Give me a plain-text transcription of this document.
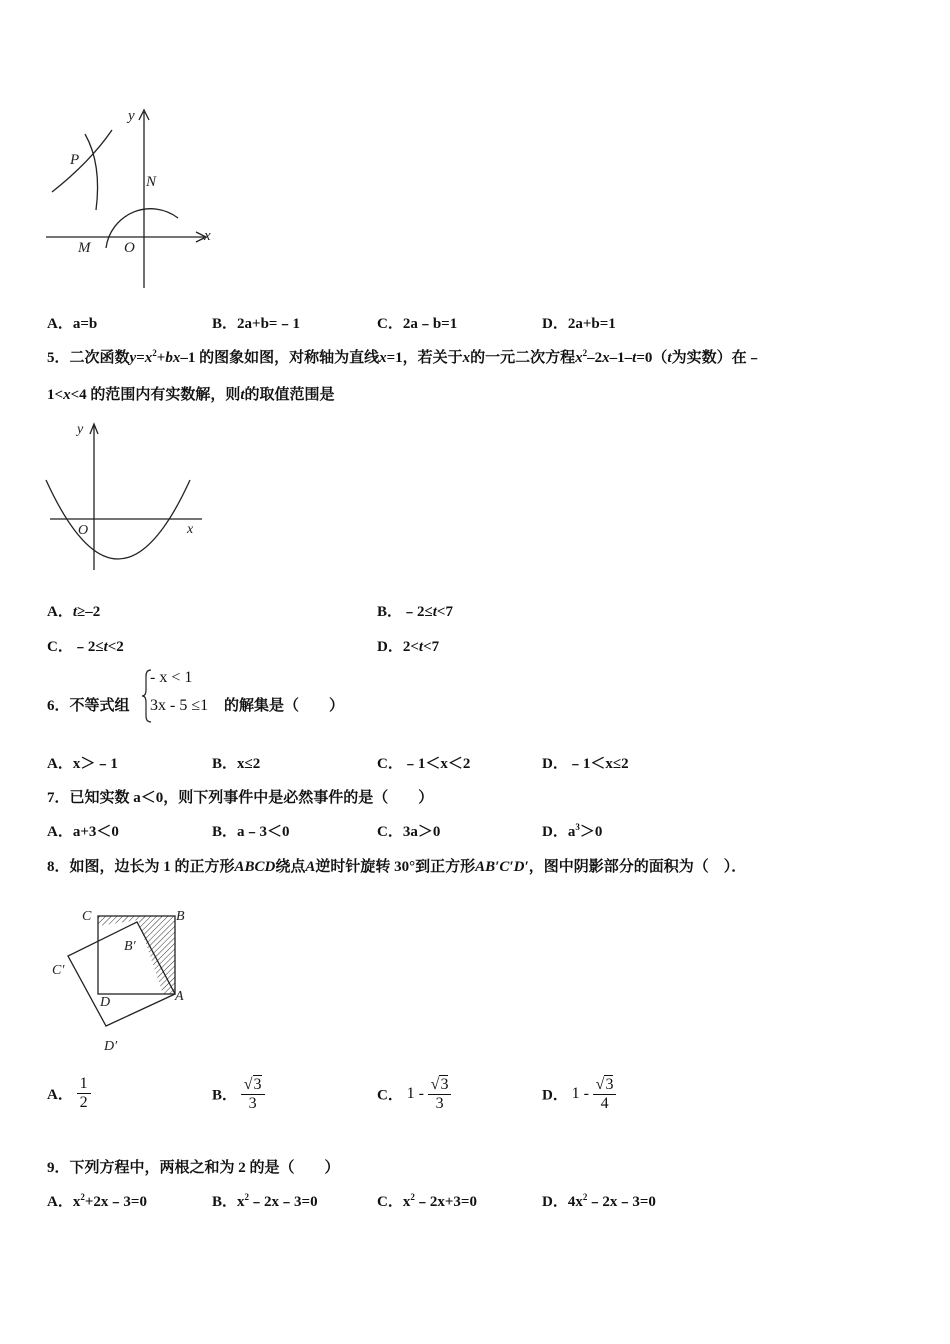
y
x
P
N
M O
A．a=b	B．2a+b=﹣1	C．2a﹣b=1	D．2a+b=1
5．二次函数$y=x^2+bx-1$ 的图象如图，对称轴为直线x=1，若关于x的一元二次方程$x^2-2x-1-t=0(t$为实数）在﹣
1<x<4 的范围内有实数解，则t的取值范围是
y
x
O
A．t≥–2	B．﹣2≤t<7
C．﹣2≤t<2	D．2<t<7
6．不等式组
- x < 1
3x - 5 ≤1 的解集是（　　）
A．x＞﹣1	B．x≤2	C．﹣1＜x＜2	D．﹣1＜x≤2
7．已知实数 a＜0，则下列事件中是必然事件的是（　　）
A．a+3＜0	B．a﹣3＜0	C．3a＞0	D．$a^3>0$
8．如图，边长为 1 的正方形ABCD绕点A逆时针旋转 30°到正方形AB′C′D′，图中阴影部分的面积为（　）．
C	B
B′
C′
D	A
D′
A． $\frac{1}{2}$	B． $\frac{√3}{3}$	C． $1 - \frac{√3}{3}$	D． $1 - \frac{√3}{4}$
9．下列方程中，两根之和为 2 的是（　　）
A．$x^2+2x﹣3=0$	B．$x^2﹣2x﹣3=0$	C．$x^2﹣2x+3=0$	D．$4x^2﹣2x﹣3=0$
